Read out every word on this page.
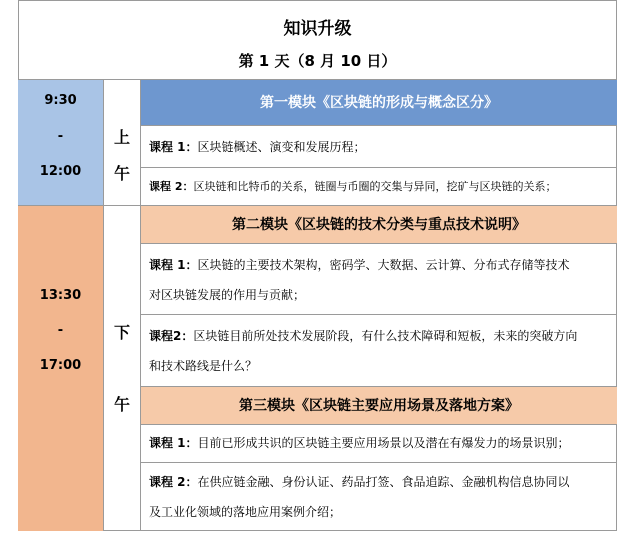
知识升级
第 1 天（8 月 10 日）
9:30
-
12:00
上
午
第一模块《区块链的形成与概念区分》
课程 1：区块链概述、演变和发展历程；
课程 2：区块链和比特币的关系，链圈与币圈的交集与异同，挖矿与区块链的关系；
13:30
-
17:00
下
午
第二模块《区块链的技术分类与重点技术说明》
课程 1：区块链的主要技术架构，密码学、大数据、云计算、分布式存储等技术
对区块链发展的作用与贡献；
课程2：区块链目前所处技术发展阶段，有什么技术障碍和短板，未来的突破方向
和技术路线是什么？
第三模块《区块链主要应用场景及落地方案》
课程 1：目前已形成共识的区块链主要应用场景以及潜在有爆发力的场景识别；
课程 2：在供应链金融、身份认证、药品打签、食品追踪、金融机构信息协同以
及工业化领域的落地应用案例介绍；
